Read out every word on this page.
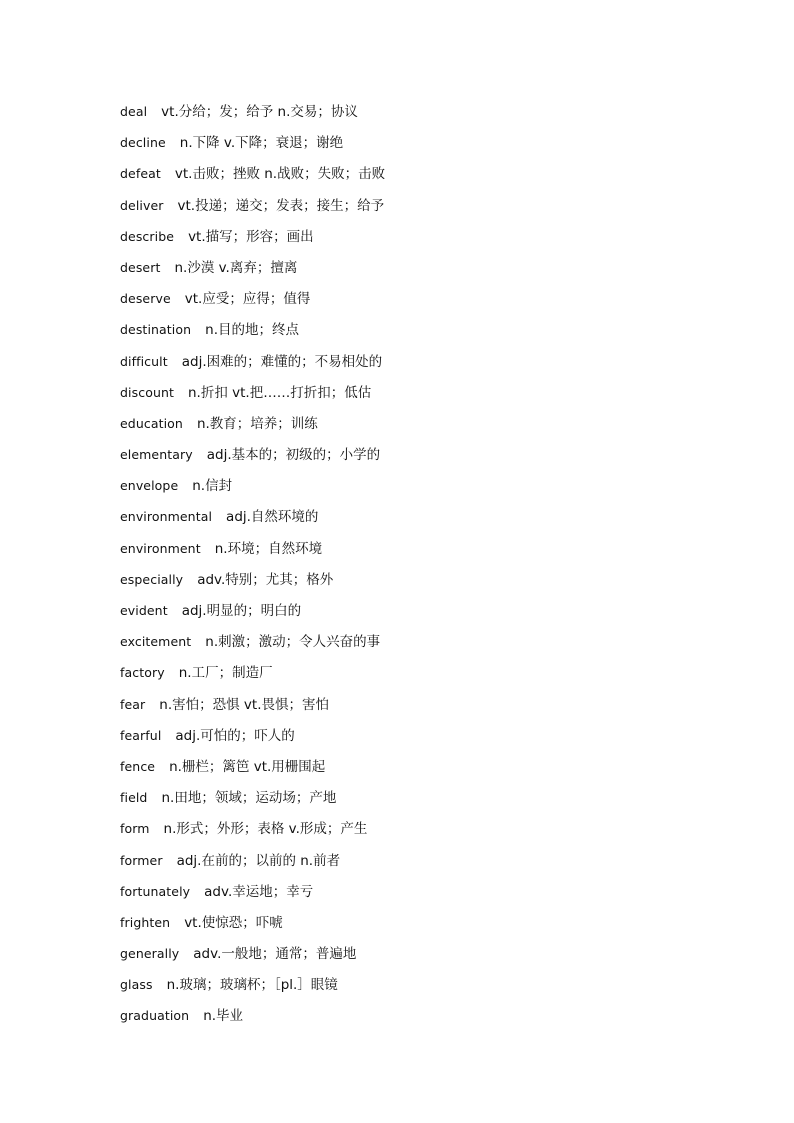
deal vt.分给；发；给予 n.交易；协议
decline n.下降 v.下降；衰退；谢绝
defeat vt.击败；挫败 n.战败；失败；击败
deliver vt.投递；递交；发表；接生；给予
describe vt.描写；形容；画出
desert n.沙漠 v.离弃；擅离
deserve vt.应受；应得；值得
destination n.目的地；终点
difficult adj.困难的；难懂的；不易相处的
discount n.折扣 vt.把……打折扣；低估
education n.教育；培养；训练
elementary adj.基本的；初级的；小学的
envelope n.信封
environmental adj.自然环境的
environment n.环境；自然环境
especially adv.特别；尤其；格外
evident adj.明显的；明白的
excitement n.刺激；激动；令人兴奋的事
factory n.工厂；制造厂
fear n.害怕；恐惧 vt.畏惧；害怕
fearful adj.可怕的；吓人的
fence n.栅栏；篱笆 vt.用栅围起
field n.田地；领域；运动场；产地
form n.形式；外形；表格 v.形成；产生
former adj.在前的；以前的 n.前者
fortunately adv.幸运地；幸亏
frighten vt.使惊恐；吓唬
generally adv.一般地；通常；普遍地
glass n.玻璃；玻璃杯；［pl.］眼镜
graduation n.毕业
